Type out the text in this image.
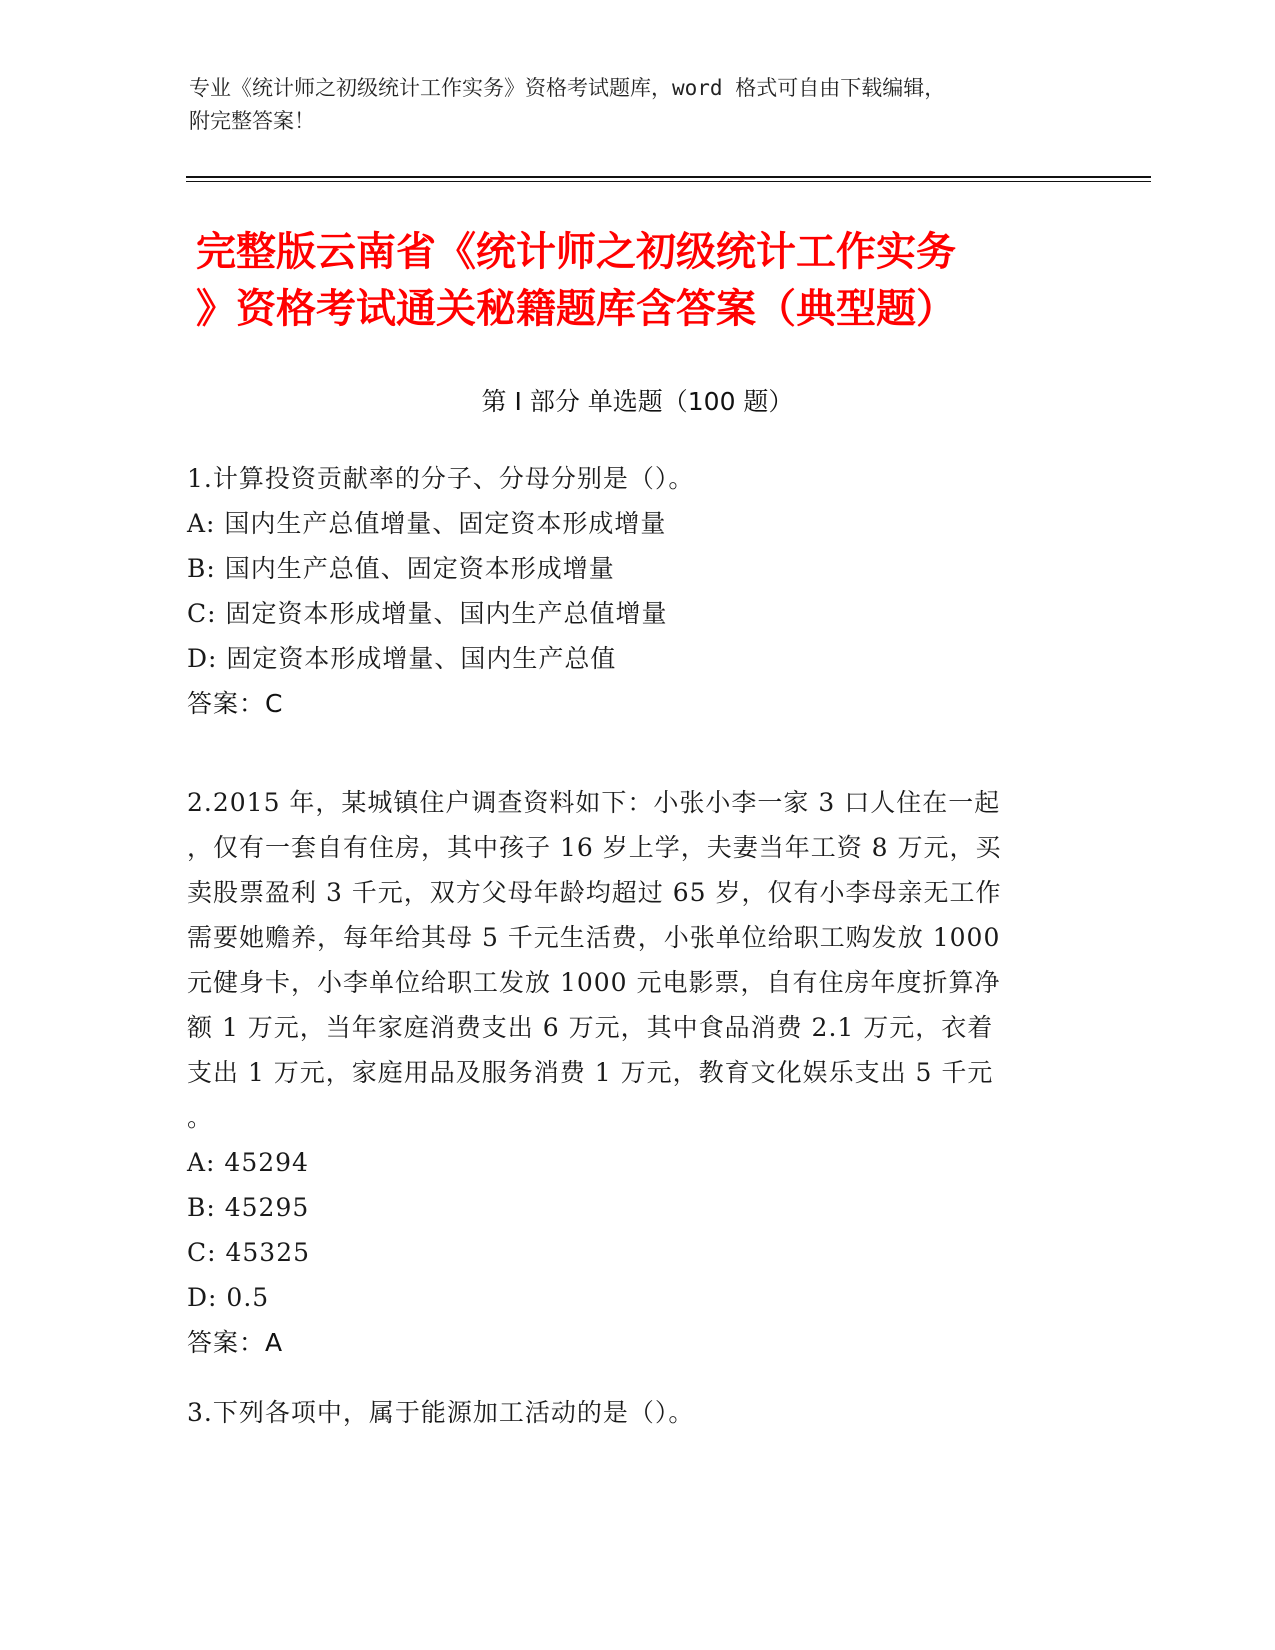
专业《统计师之初级统计工作实务》资格考试题库，word 格式可自由下载编辑，
附完整答案！
完整版云南省《统计师之初级统计工作实务
》资格考试通关秘籍题库含答案（典型题）
第 I 部分 单选题（100 题）
1.计算投资贡献率的分子、分母分别是（）。
A: 国内生产总值增量、固定资本形成增量
B: 国内生产总值、固定资本形成增量
C: 固定资本形成增量、国内生产总值增量
D: 固定资本形成增量、国内生产总值
答案：C
2.2015 年，某城镇住户调查资料如下：小张小李一家 3 口人住在一起
，仅有一套自有住房，其中孩子 16 岁上学，夫妻当年工资 8 万元，买
卖股票盈利 3 千元，双方父母年龄均超过 65 岁，仅有小李母亲无工作
需要她赡养，每年给其母 5 千元生活费，小张单位给职工购发放 1000
元健身卡，小李单位给职工发放 1000 元电影票，自有住房年度折算净
额 1 万元，当年家庭消费支出 6 万元，其中食品消费 2.1 万元，衣着
支出 1 万元，家庭用品及服务消费 1 万元，教育文化娱乐支出 5 千元
。
A: 45294
B: 45295
C: 45325
D: 0.5
答案：A
3.下列各项中，属于能源加工活动的是（）。
